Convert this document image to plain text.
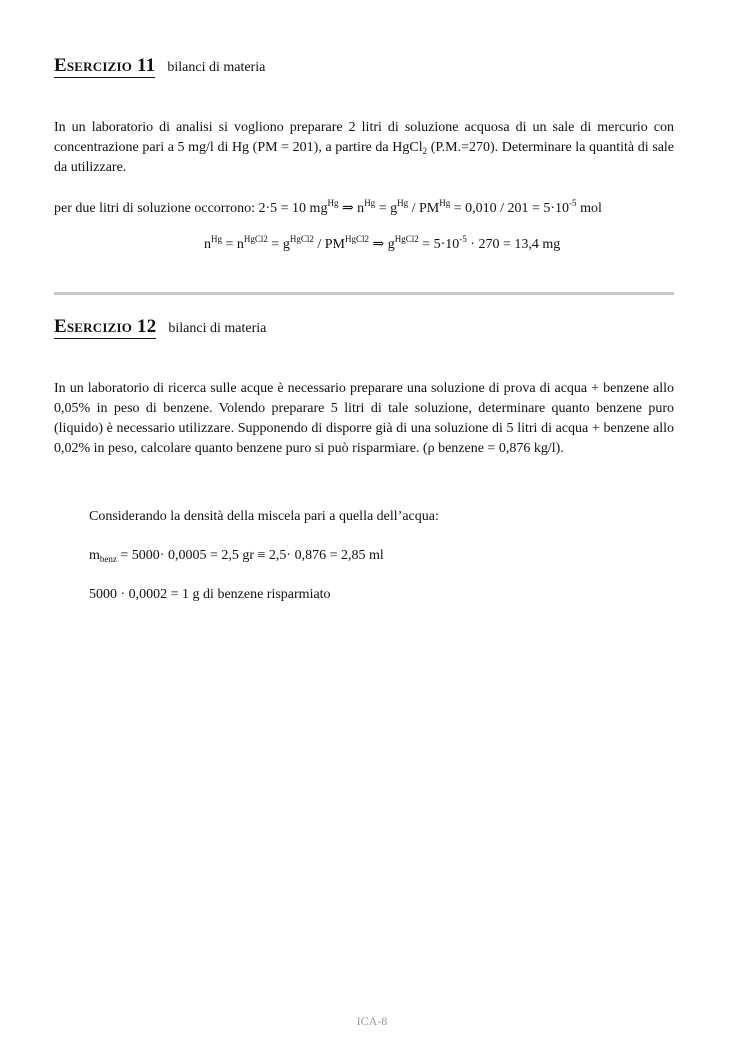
Esercizio 11 bilanci di materia

In un laboratorio di analisi si vogliono preparare 2 litri di soluzione acquosa di un sale di mercurio con concentrazione pari a 5 mg/l di Hg (PM = 201), a partire da HgCl$_2$ (P.M.=270). Determinare la quantità di sale da utilizzare.

per due litri di soluzione occorrono: 2·5 = 10 $mg^{Hg}$ ⇒ $n^{Hg} = g^{Hg} / PM^{Hg} = 0,010 / 201 = 5\cdot 10^{-5}$ mol
$n^{Hg} = n^{HgCl2} = g^{HgCl2} / PM^{HgCl2}$ ⇒ $g^{HgCl2} = 5\cdot 10^{-5} \cdot 270 = 13,4$ mg
Esercizio 12 bilanci di materia

In un laboratorio di ricerca sulle acque è necessario preparare una soluzione di prova di acqua + benzene allo 0,05% in peso di benzene. Volendo preparare 5 litri di tale soluzione, determinare quanto benzene puro (liquido) è necessario utilizzare. Supponendo di disporre già di una soluzione di 5 litri di acqua + benzene allo 0,02% in peso, calcolare quanto benzene puro si può risparmiare. (ρ benzene = 0,876 kg/l).

Considerando la densità della miscela pari a quella dell’acqua:
$m_{benz} = 5000\cdot 0,0005 = 2,5$ gr ≡ 2,5· 0,876 = 2,85 ml
5000 · 0,0002 = 1 g di benzene risparmiato
ICA-8
